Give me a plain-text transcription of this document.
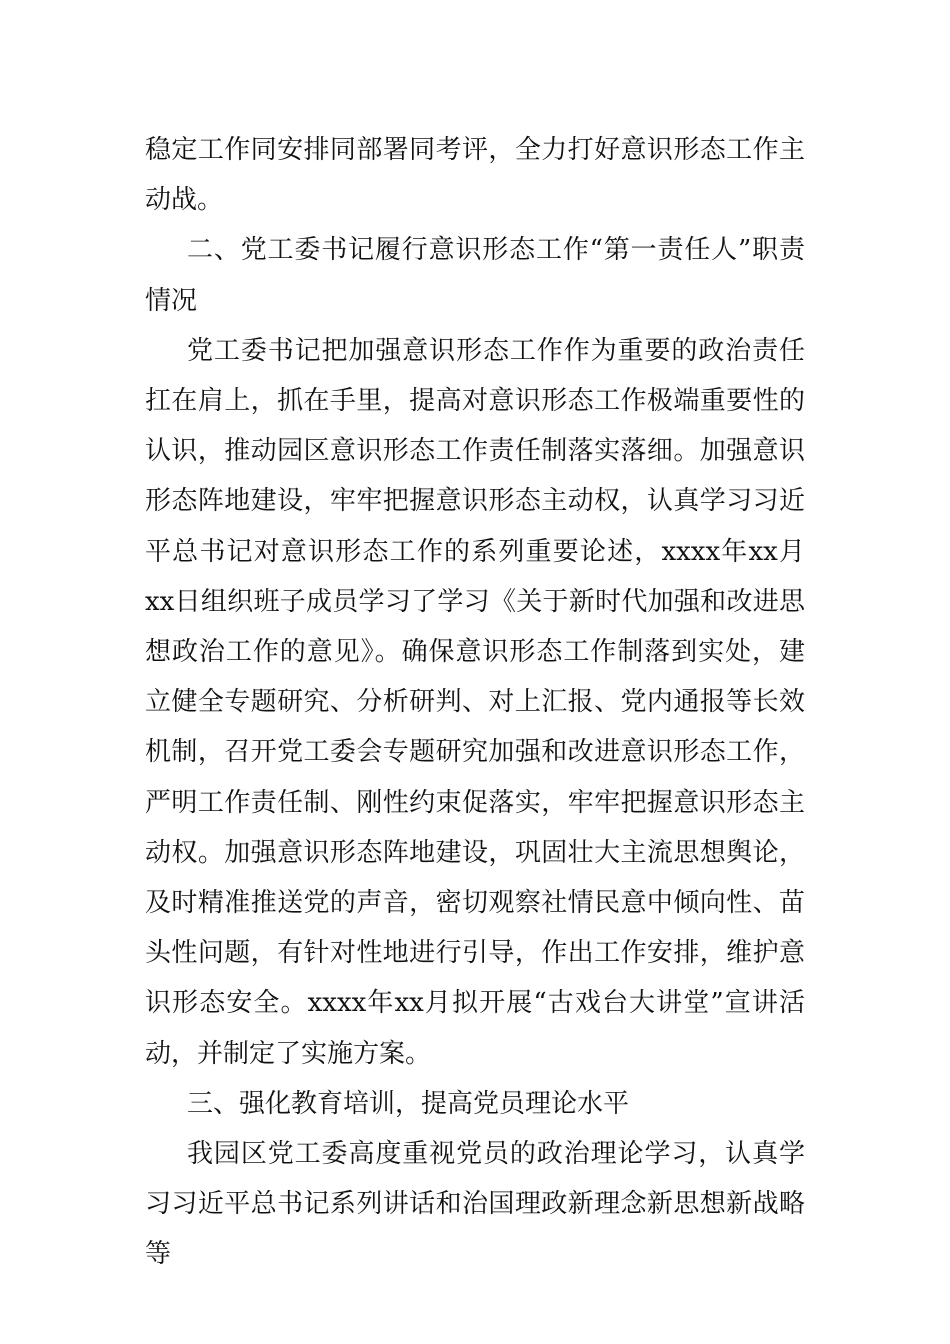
稳定工作同安排同部署同考评，全力打好意识形态工作主动战。

二、党工委书记履行意识形态工作“第一责任人”职责情况

党工委书记把加强意识形态工作作为重要的政治责任扛在肩上，抓在手里，提高对意识形态工作极端重要性的认识，推动园区意识形态工作责任制落实落细。加强意识形态阵地建设，牢牢把握意识形态主动权，认真学习习近平总书记对意识形态工作的系列重要论述，xxxx年xx月xx日组织班子成员学习了学习《关于新时代加强和改进思想政治工作的意见》。确保意识形态工作制落到实处，建立健全专题研究、分析研判、对上汇报、党内通报等长效机制，召开党工委会专题研究加强和改进意识形态工作，严明工作责任制、刚性约束促落实，牢牢把握意识形态主动权。加强意识形态阵地建设，巩固壮大主流思想舆论，及时精准推送党的声音，密切观察社情民意中倾向性、苗头性问题，有针对性地进行引导，作出工作安排，维护意识形态安全。xxxx年xx月拟开展“古戏台大讲堂”宣讲活动，并制定了实施方案。

三、强化教育培训，提高党员理论水平

我园区党工委高度重视党员的政治理论学习，认真学习习近平总书记系列讲话和治国理政新理念新思想新战略等
